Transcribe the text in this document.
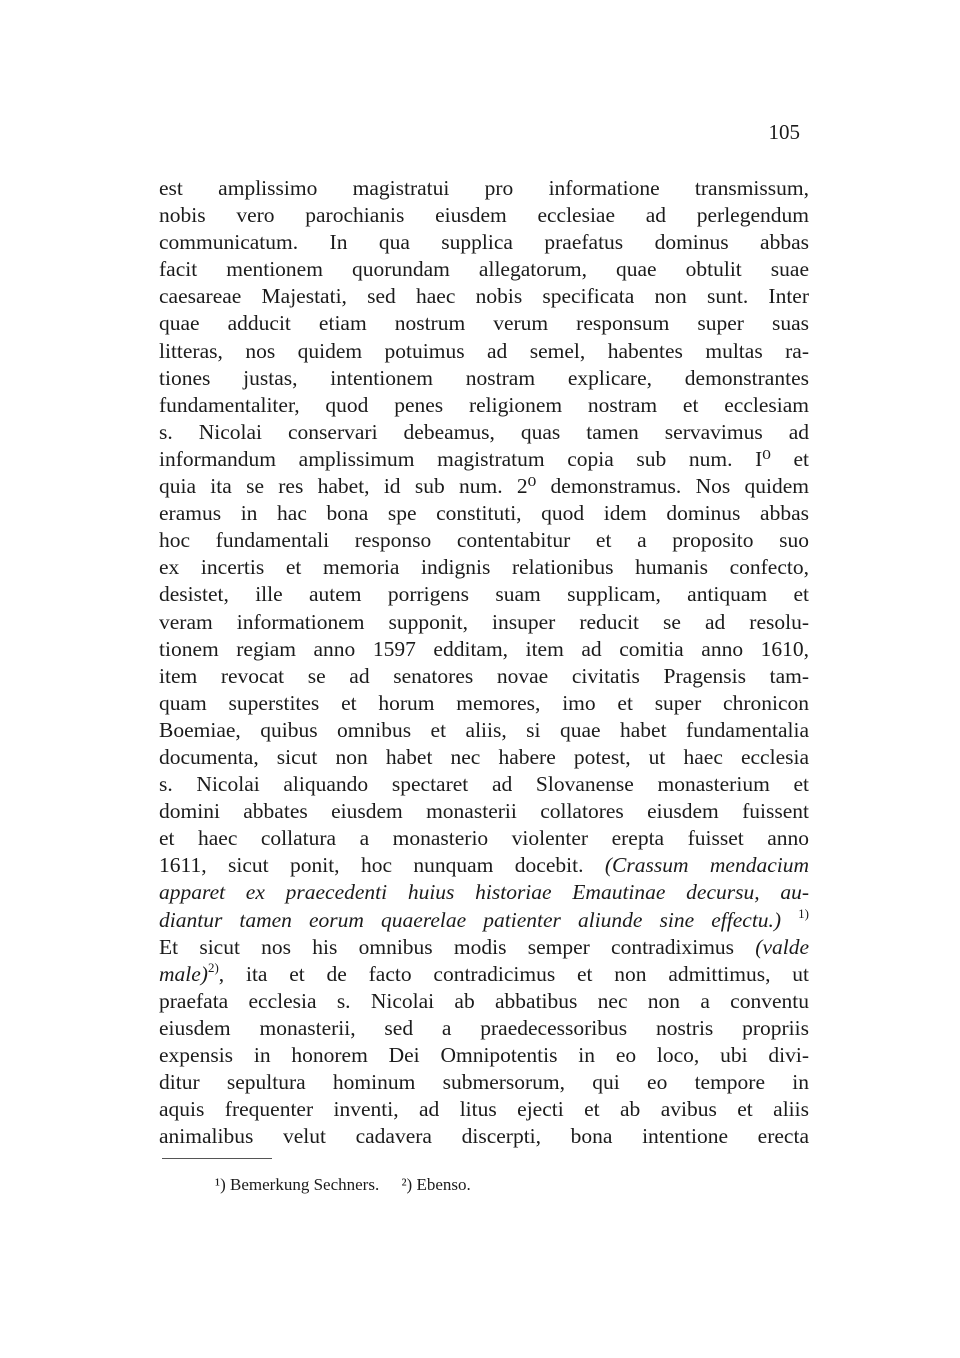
105
est amplissimo magistratui pro informatione transmissum,
nobis vero parochianis eiusdem ecclesiae ad perlegendum
communicatum. In qua supplica praefatus dominus abbas
facit mentionem quorundam allegatorum, quae obtulit suae
caesareae Majestati, sed haec nobis specificata non sunt. Inter
quae adducit etiam nostrum verum responsum super suas
litteras, nos quidem potuimus ad semel, habentes multas ra-
tiones justas, intentionem nostram explicare, demonstrantes
fundamentaliter, quod penes religionem nostram et ecclesiam
s. Nicolai conservari debeamus, quas tamen servavimus ad
informandum amplissimum magistratum copia sub num. I⁰ et
quia ita se res habet, id sub num. 2⁰ demonstramus. Nos quidem
eramus in hac bona spe constituti, quod idem dominus abbas
hoc fundamentali responso contentabitur et a proposito suo
ex incertis et memoria indignis relationibus humanis confecto,
desistet, ille autem porrigens suam supplicam, antiquam et
veram informationem supponit, insuper reducit se ad resolu-
tionem regiam anno 1597 edditam, item ad comitia anno 1610,
item revocat se ad senatores novae civitatis Pragensis tam-
quam superstites et horum memores, imo et super chronicon
Boemiae, quibus omnibus et aliis, si quae habet fundamentalia
documenta, sicut non habet nec habere potest, ut haec ecclesia
s. Nicolai aliquando spectaret ad Slovanense monasterium et
domini abbates eiusdem monasterii collatores eiusdem fuissent
et haec collatura a monasterio violenter erepta fuisset anno
1611, sicut ponit, hoc nunquam docebit. (Crassum mendacium
apparet ex praecedenti huius historiae Emautinae decursu, au-
diantur tamen eorum quaerelae patienter aliunde sine effectu.) $^{1)}$
Et sicut nos his omnibus modis semper contradiximus (valde
male)$^{2)}$, ita et de facto contradicimus et non admittimus, ut
praefata ecclesia s. Nicolai ab abbatibus nec non a conventu
eiusdem monasterii, sed a praedecessoribus nostris propriis
expensis in honorem Dei Omnipotentis in eo loco, ubi divi-
ditur sepultura hominum submersorum, qui eo tempore in
aquis frequenter inventi, ad litus ejecti et ab avibus et aliis
animalibus velut cadavera discerpti, bona intentione erecta
¹) Bemerkung Sechners. ²) Ebenso.
